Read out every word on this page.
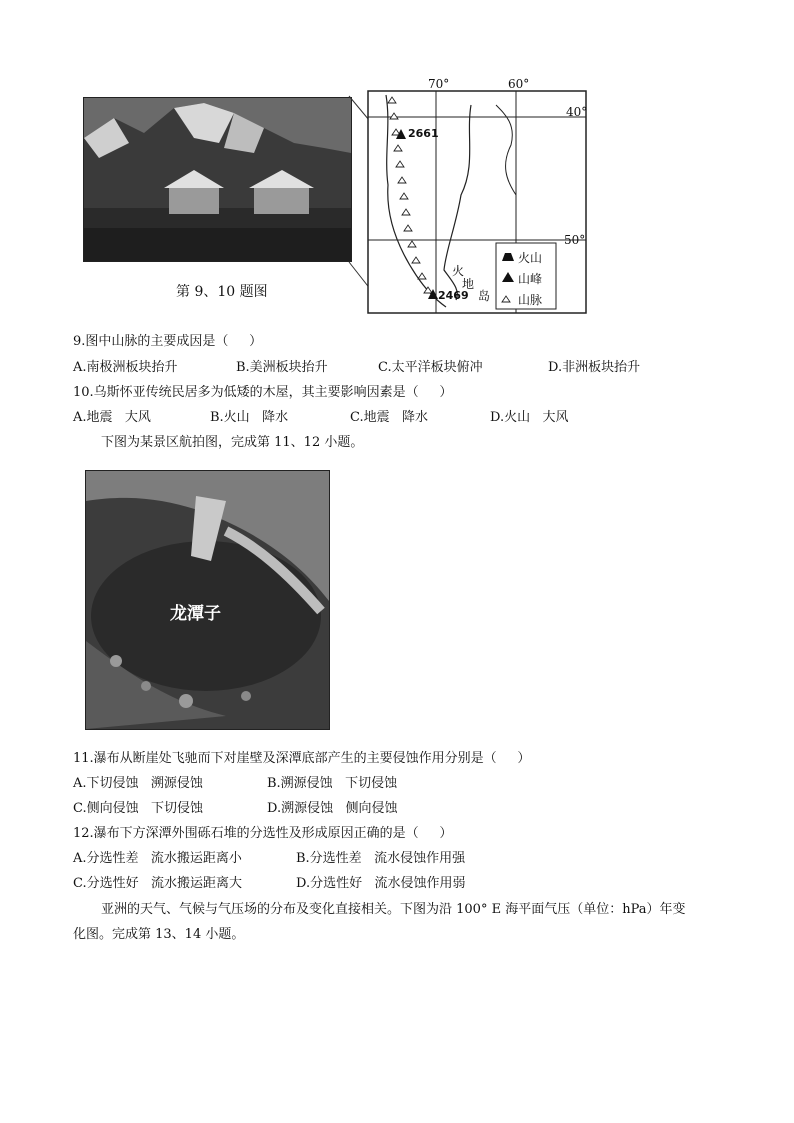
70°	60°
40°
50°
2661
2469
火
地
岛
火山
山峰
山脉
第 9、10 题图
9.图中山脉的主要成因是（     ）
A.南极洲板块抬升	B.美洲板块抬升	C.太平洋板块俯冲	D.非洲板块抬升
10.乌斯怀亚传统民居多为低矮的木屋，其主要影响因素是（     ）
A.地震   大风	B.火山   降水	C.地震   降水	D.火山   大风
下图为某景区航拍图，完成第 11、12 小题。
龙潭子
11.瀑布从断崖处飞驰而下对崖壁及深潭底部产生的主要侵蚀作用分别是（     ）
A.下切侵蚀   溯源侵蚀	B.溯源侵蚀   下切侵蚀
C.侧向侵蚀   下切侵蚀	D.溯源侵蚀   侧向侵蚀
12.瀑布下方深潭外围砾石堆的分选性及形成原因正确的是（     ）
A.分选性差   流水搬运距离小	B.分选性差   流水侵蚀作用强
C.分选性好   流水搬运距离大	D.分选性好   流水侵蚀作用弱
亚洲的天气、气候与气压场的分布及变化直接相关。下图为沿 100° E 海平面气压（单位：hPa）年变
化图。完成第 13、14 小题。
